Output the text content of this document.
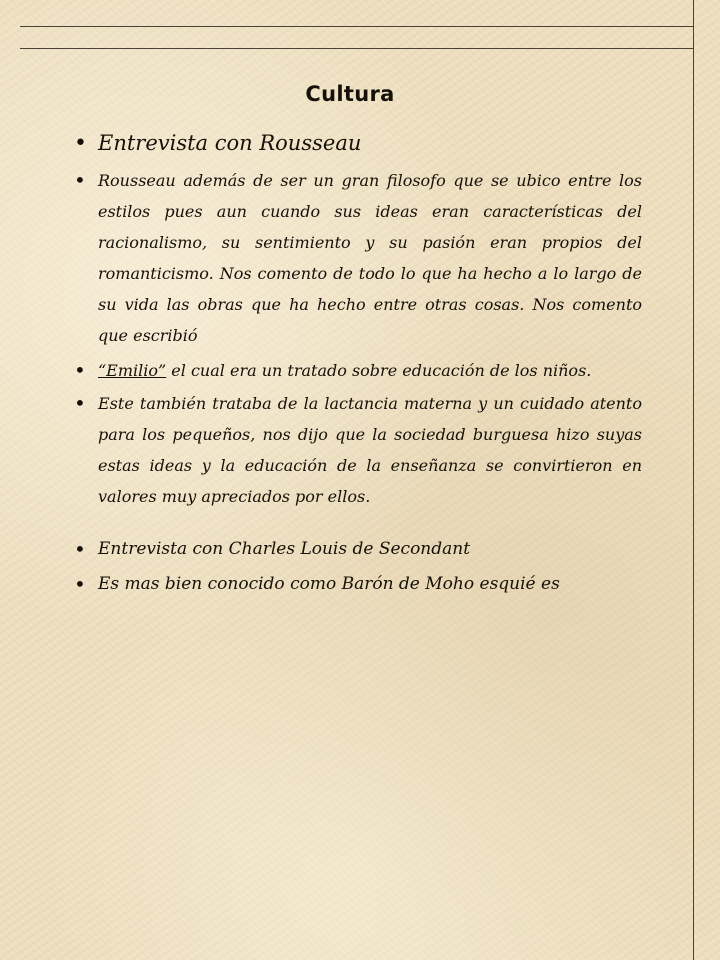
Cultura
• Entrevista con Rousseau
• Rousseau además de ser un gran filosofo que se ubico entre los estilos pues aun cuando sus ideas eran características del racionalismo, su sentimiento y su pasión eran propios del romanticismo. Nos comento de todo lo que ha hecho a lo largo de su vida las obras que ha hecho entre otras cosas. Nos comento que escribió
• “Emilio” el cual era un tratado sobre educación de los niños.
• Este también trataba de la lactancia materna y un cuidado atento para los pequeños, nos dijo que la sociedad burguesa hizo suyas estas ideas y la educación de la enseñanza se convirtieron en valores muy apreciados por ellos.
• Entrevista con Charles Louis de Secondant
• Es mas bien conocido como Barón de Moho esquié es
